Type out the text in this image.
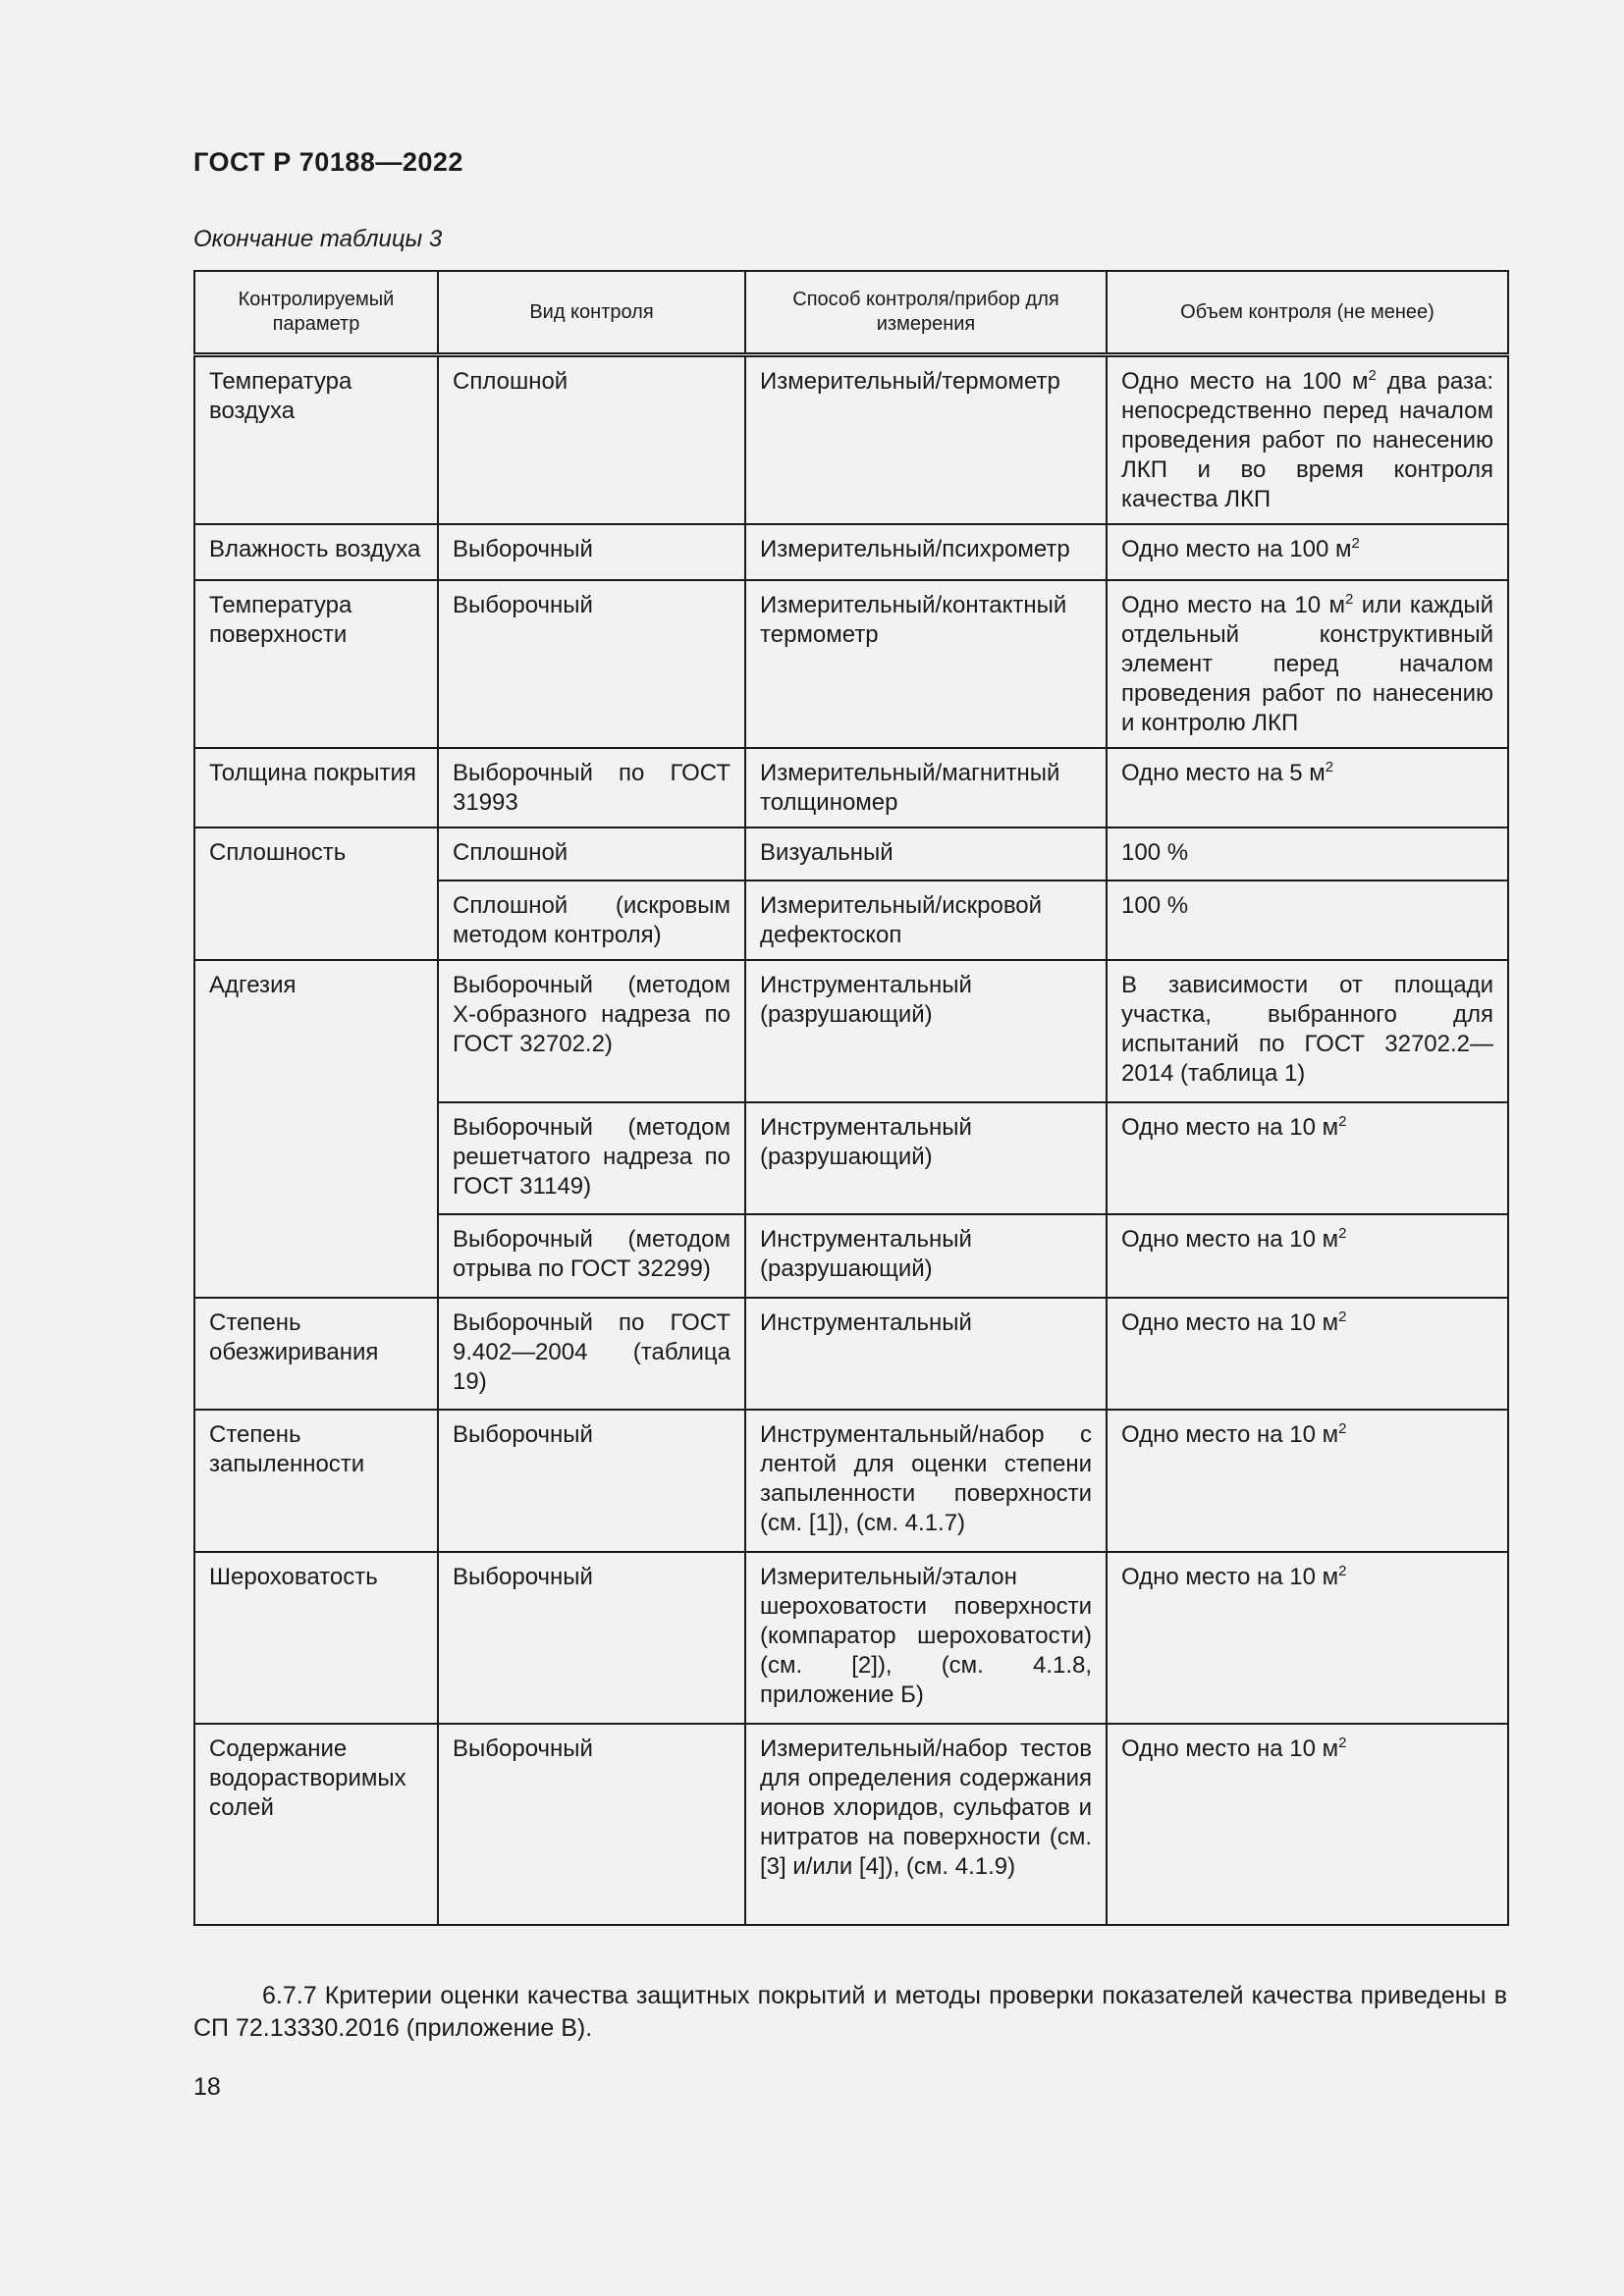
ГОСТ Р 70188—2022
Окончание таблицы 3
Контролируемый параметр	Вид контроля	Способ контроля/прибор для измерения	Объем контроля (не менее)
Температура воздуха	Сплошной	Измерительный/термометр	Одно место на 100 $м^2$ два раза: непосредственно перед началом проведения работ по нанесению ЛКП и во время контроля качества ЛКП
Влажность воздуха	Выборочный	Измерительный/психрометр	Одно место на 100 $м^2$
Температура поверхности	Выборочный	Измерительный/контактный термометр	Одно место на 10 $м^2$ или каждый отдельный конструктивный элемент перед началом проведения работ по нанесению и контролю ЛКП
Толщина покрытия	Выборочный по ГОСТ 31993	Измерительный/магнитный толщиномер	Одно место на 5 $м^2$
Сплошность	Сплошной	Визуальный	100 %
	Сплошной (искровым методом контроля)	Измерительный/искровой дефектоскоп	100 %
Адгезия	Выборочный (методом Х-образного надреза по ГОСТ 32702.2)	Инструментальный (разрушающий)	В зависимости от площади участка, выбранного для испытаний по ГОСТ 32702.2—2014 (таблица 1)
	Выборочный (методом решетчатого надреза по ГОСТ 31149)	Инструментальный (разрушающий)	Одно место на 10 $м^2$
	Выборочный (методом отрыва по ГОСТ 32299)	Инструментальный (разрушающий)	Одно место на 10 $м^2$
Степень обезжиривания	Выборочный по ГОСТ 9.402—2004 (таблица 19)	Инструментальный	Одно место на 10 $м^2$
Степень запыленности	Выборочный	Инструментальный/набор с лентой для оценки степени запыленности поверхности (см. [1]), (см. 4.1.7)	Одно место на 10 $м^2$
Шероховатость	Выборочный	Измерительный/эталон шероховатости поверхности (компаратор шероховатости) (см. [2]), (см. 4.1.8, приложение Б)	Одно место на 10 $м^2$
Содержание водорастворимых солей	Выборочный	Измерительный/набор тестов для определения содержания ионов хлоридов, сульфатов и нитратов на поверхности (см. [3] и/или [4]), (см. 4.1.9)	Одно место на 10 $м^2$

6.7.7 Критерии оценки качества защитных покрытий и методы проверки показателей качества приведены в СП 72.13330.2016 (приложение В).

18
